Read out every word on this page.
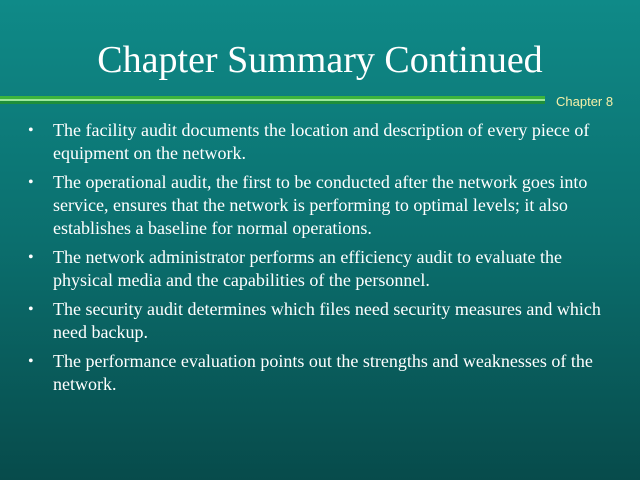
Chapter Summary Continued
Chapter 8
• The facility audit documents the location and description of every piece of equipment on the network.
• The operational audit, the first to be conducted after the network goes into service, ensures that the network is performing to optimal levels; it also establishes a baseline for normal operations.
• The network administrator performs an efficiency audit to evaluate the physical media and the capabilities of the personnel.
• The security audit determines which files need security measures and which need backup.
• The performance evaluation points out the strengths and weaknesses of the network.
